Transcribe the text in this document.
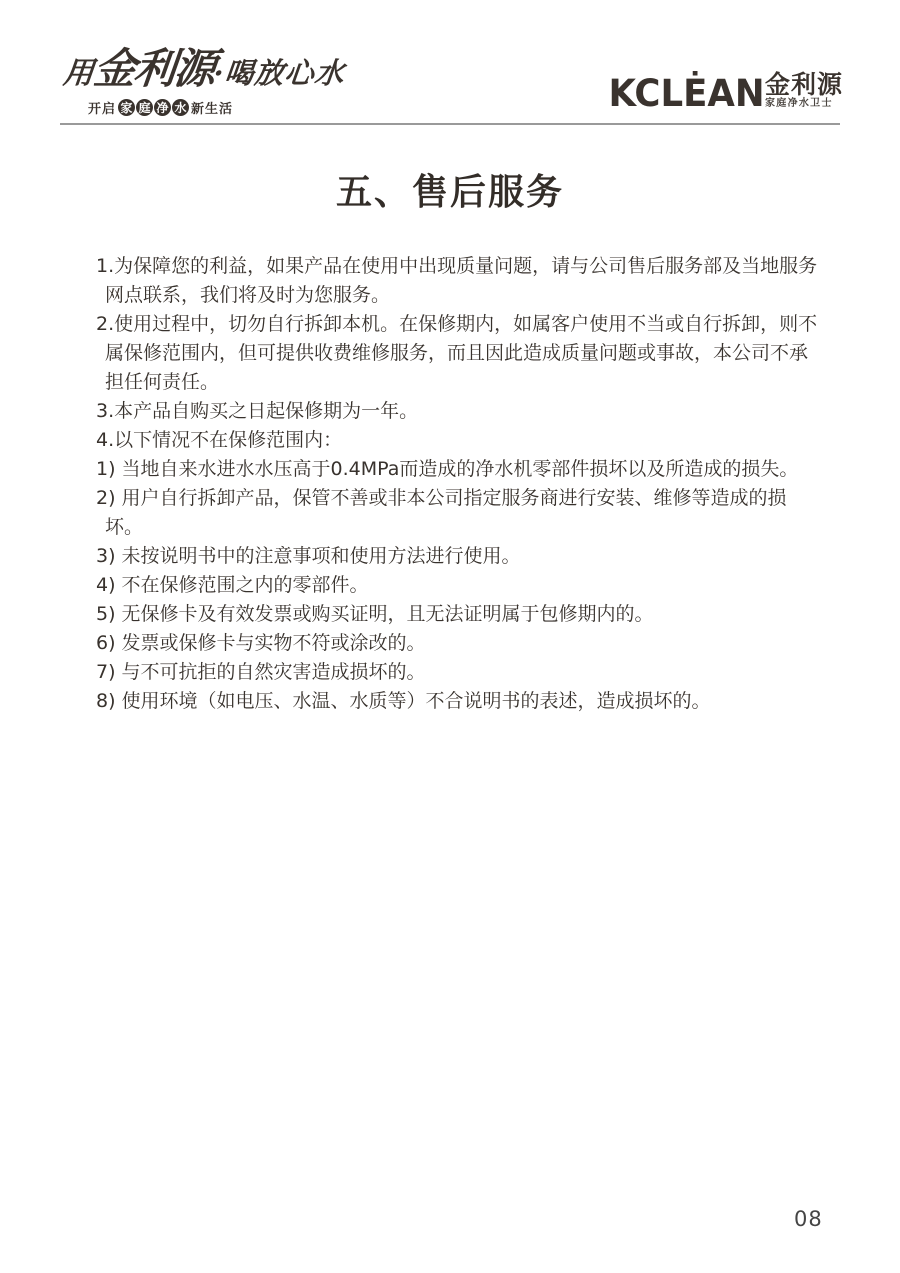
用金利源·喝放心水
开启 家 庭 净 水 新生活	KCLĖAN 金利源
家庭净水卫士
五、售后服务
1.为保障您的利益，如果产品在使用中出现质量问题，请与公司售后服务部及当地服务网点联系，我们将及时为您服务。
2.使用过程中，切勿自行拆卸本机。在保修期内，如属客户使用不当或自行拆卸，则不属保修范围内，但可提供收费维修服务，而且因此造成质量问题或事故，本公司不承担任何责任。
3.本产品自购买之日起保修期为一年。
4.以下情况不在保修范围内：
1) 当地自来水进水水压高于0.4MPa而造成的净水机零部件损坏以及所造成的损失。
2) 用户自行拆卸产品，保管不善或非本公司指定服务商进行安装、维修等造成的损坏。
3) 未按说明书中的注意事项和使用方法进行使用。
4) 不在保修范围之内的零部件。
5) 无保修卡及有效发票或购买证明，且无法证明属于包修期内的。
6) 发票或保修卡与实物不符或涂改的。
7) 与不可抗拒的自然灾害造成损坏的。
8) 使用环境（如电压、水温、水质等）不合说明书的表述，造成损坏的。
08
